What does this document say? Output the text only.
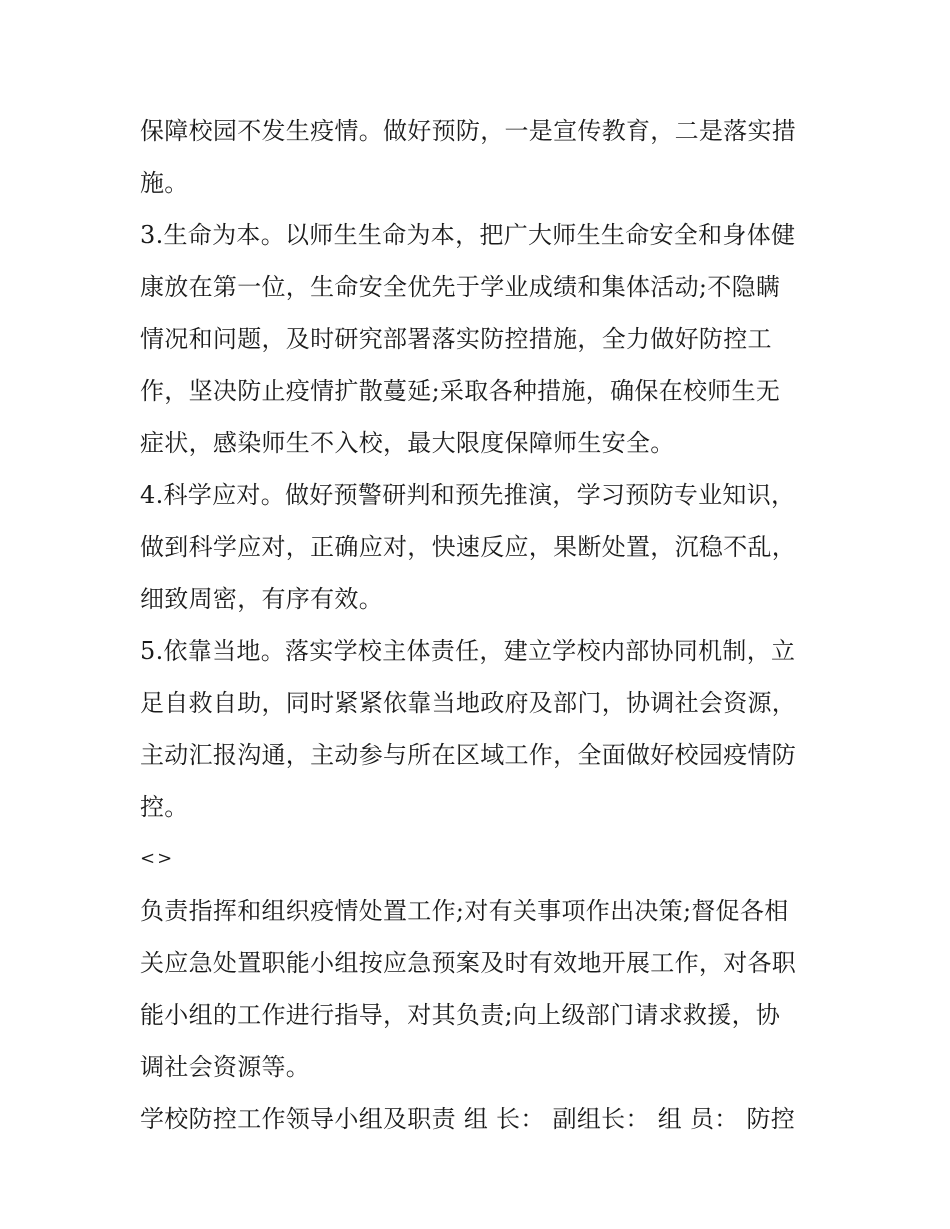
保障校园不发生疫情。做好预防，一是宣传教育，二是落实措
施。
3.生命为本。以师生生命为本，把广大师生生命安全和身体健
康放在第一位，生命安全优先于学业成绩和集体活动;不隐瞒
情况和问题，及时研究部署落实防控措施，全力做好防控工
作，坚决防止疫情扩散蔓延;采取各种措施，确保在校师生无
症状，感染师生不入校，最大限度保障师生安全。
4.科学应对。做好预警研判和预先推演，学习预防专业知识，
做到科学应对，正确应对，快速反应，果断处置，沉稳不乱，
细致周密，有序有效。
5.依靠当地。落实学校主体责任，建立学校内部协同机制，立
足自救自助，同时紧紧依靠当地政府及部门，协调社会资源，
主动汇报沟通，主动参与所在区域工作，全面做好校园疫情防
控。
<>
负责指挥和组织疫情处置工作;对有关事项作出决策;督促各相
关应急处置职能小组按应急预案及时有效地开展工作，对各职
能小组的工作进行指导，对其负责;向上级部门请求救援，协
调社会资源等。
学校防控工作领导小组及职责 组 长： 副组长： 组 员： 防控
